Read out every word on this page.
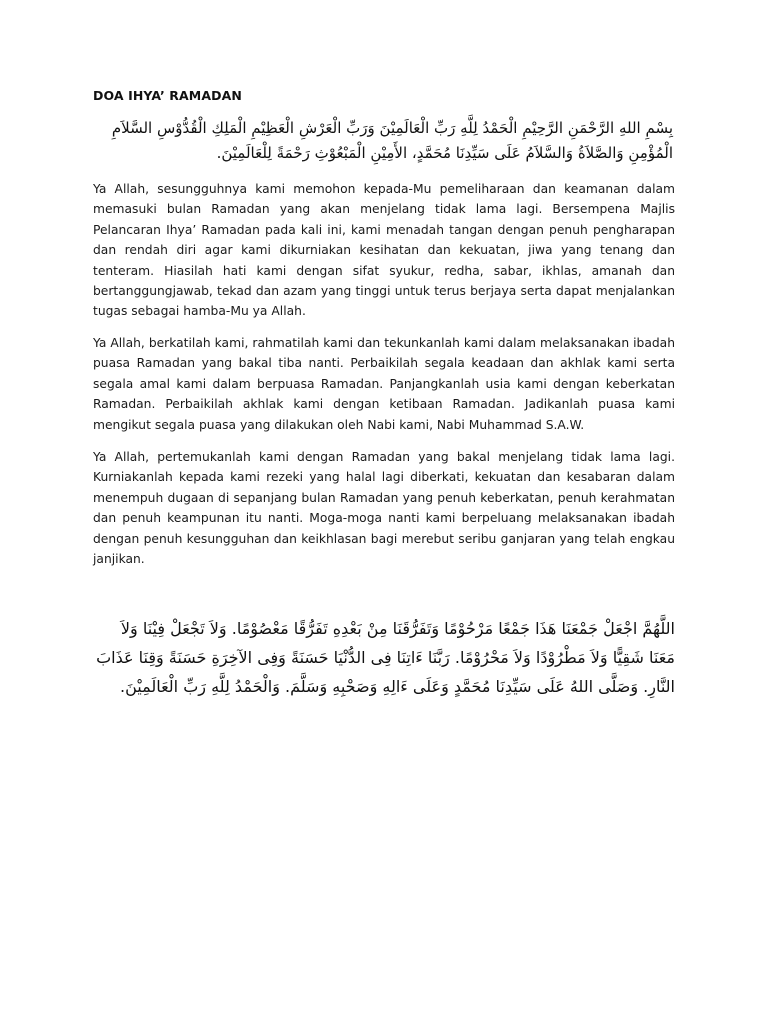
DOA IHYA’ RAMADAN
بِسْمِ اللهِ الرَّحْمَنِ الرَّحِيْمِ الْحَمْدُ لِلَّهِ رَبِّ الْعَالَمِيْنَ وَرَبِّ الْعَرْشِ الْعَظِيْمِ الْمَلِكِ الْقُدُّوْسِ السَّلاَمِ الْمُؤْمِنِ وَالصَّلاَةُ وَالسَّلاَمُ عَلَى سَيِّدِنَا مُحَمَّدٍ، الأَمِيْنِ الْمَبْعُوْثِ رَحْمَةً لِلْعَالَمِيْنَ.

Ya Allah, sesungguhnya kami memohon kepada-Mu pemeliharaan dan keamanan dalam memasuki bulan Ramadan yang akan menjelang tidak lama lagi. Bersempena Majlis Pelancaran Ihya’ Ramadan pada kali ini, kami menadah tangan dengan penuh pengharapan dan rendah diri agar kami dikurniakan kesihatan dan kekuatan, jiwa yang tenang dan tenteram. Hiasilah hati kami dengan sifat syukur, redha, sabar, ikhlas, amanah dan bertanggungjawab, tekad dan azam yang tinggi untuk terus berjaya serta dapat menjalankan tugas sebagai hamba-Mu ya Allah.

Ya Allah, berkatilah kami, rahmatilah kami dan tekunkanlah kami dalam melaksanakan ibadah puasa Ramadan yang bakal tiba nanti. Perbaikilah segala keadaan dan akhlak kami serta segala amal kami dalam berpuasa Ramadan. Panjangkanlah usia kami dengan keberkatan Ramadan. Perbaikilah akhlak kami dengan ketibaan Ramadan. Jadikanlah puasa kami mengikut segala puasa yang dilakukan oleh Nabi kami, Nabi Muhammad S.A.W.

Ya Allah, pertemukanlah kami dengan Ramadan yang bakal menjelang tidak lama lagi. Kurniakanlah kepada kami rezeki yang halal lagi diberkati, kekuatan dan kesabaran dalam menempuh dugaan di sepanjang bulan Ramadan yang penuh keberkatan, penuh kerahmatan dan penuh keampunan itu nanti. Moga-moga nanti kami berpeluang melaksanakan ibadah dengan penuh kesungguhan dan keikhlasan bagi merebut seribu ganjaran yang telah engkau janjikan.

اللَّهُمَّ اجْعَلْ جَمْعَنَا هَذَا جَمْعًا مَرْحُوْمًا وَتَفَرُّقَنَا مِنْ بَعْدِهِ تَفَرُّقًا مَعْصُوْمًا. وَلاَ تَجْعَلْ فِيْنَا وَلاَ مَعَنَا شَقِيًّا وَلاَ مَطْرُوْدًا وَلاَ مَحْرُوْمًا. رَبَّنَا ءَاتِنَا فِى الدُّنْيَا حَسَنَةً وَفِى الآخِرَةِ حَسَنَةً وَقِنَا عَذَابَ النَّارِ. وَصَلَّى اللهُ عَلَى سَيِّدِنَا مُحَمَّدٍ وَعَلَى ءَالِهِ وَصَحْبِهِ وَسَلَّمَ. وَالْحَمْدُ لِلَّهِ رَبِّ الْعَالَمِيْنَ.
